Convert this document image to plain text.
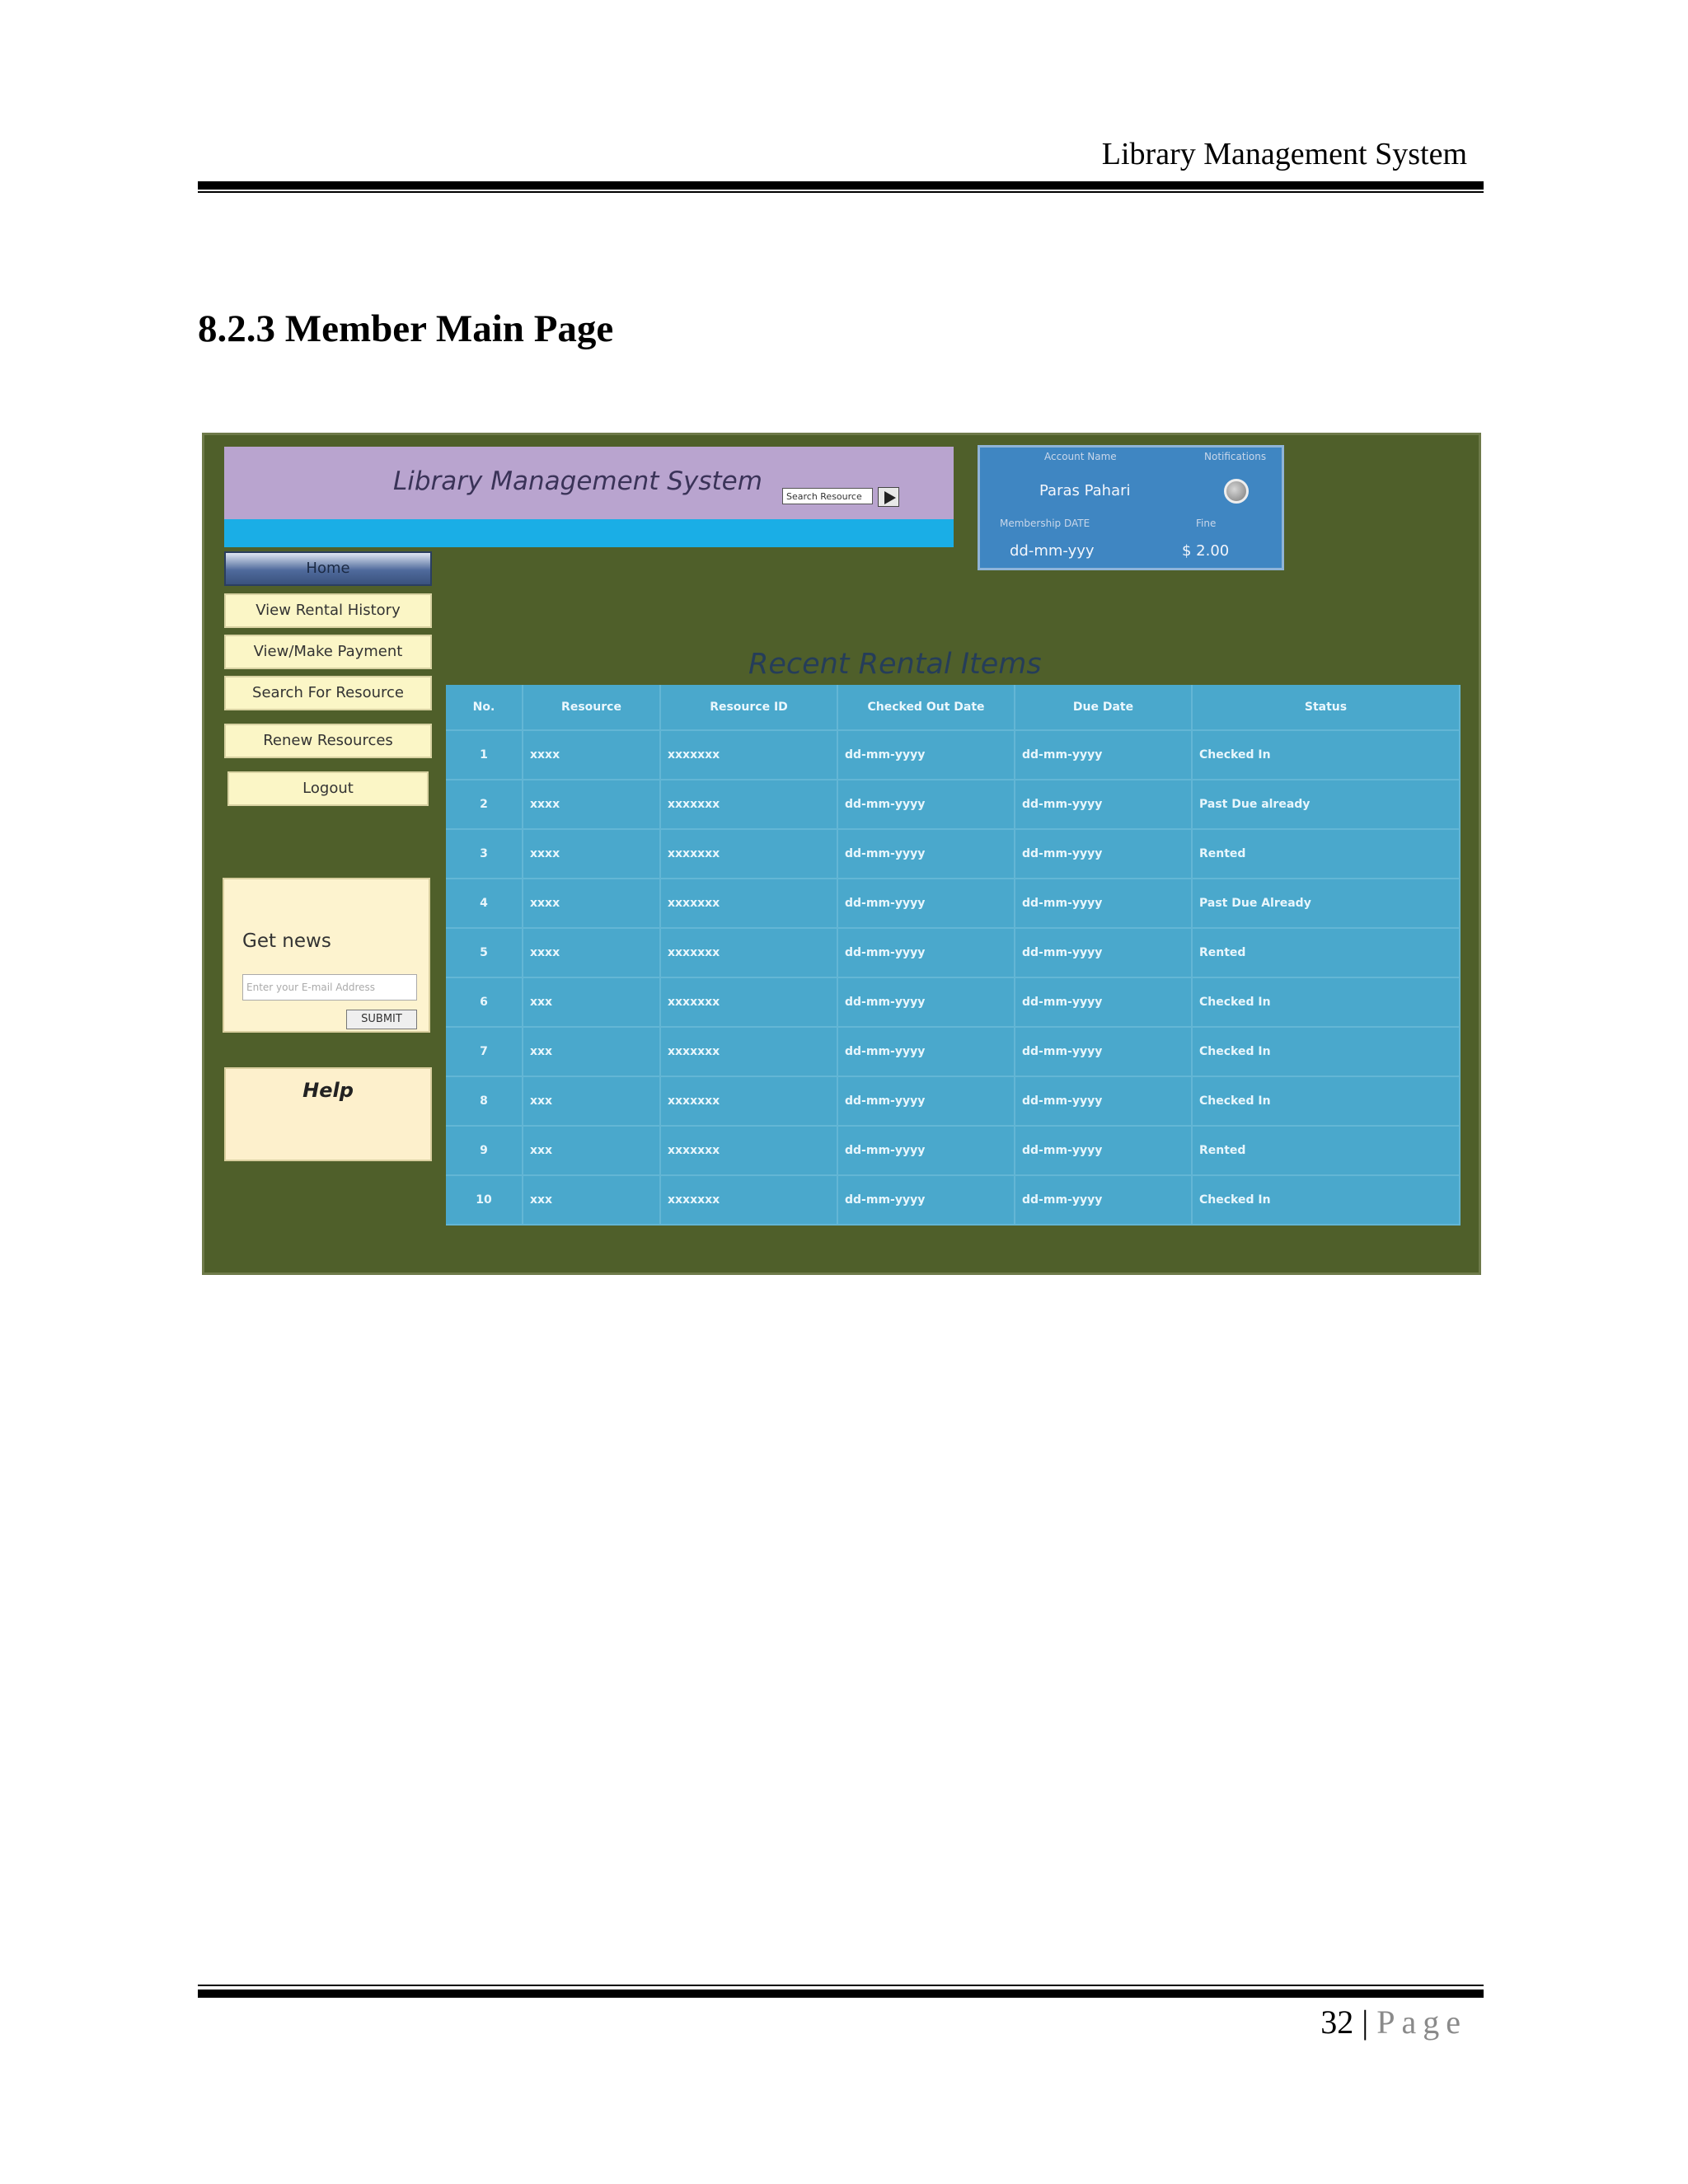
Library Management System
8.2.3 Member Main Page
Library Management System
Search Resource
Account Name	Notifications
Paras Pahari
Membership DATE	Fine
dd-mm-yyy	$ 2.00
Home
View Rental History
View/Make Payment
Search For Resource
Renew Resources
Logout
Get news
Enter your E-mail Address
SUBMIT
Help
Recent Rental Items
No.	Resource	Resource ID	Checked Out Date	Due Date	Status
1	xxxx	xxxxxxx	dd-mm-yyyy	dd-mm-yyyy	Checked In
2	xxxx	xxxxxxx	dd-mm-yyyy	dd-mm-yyyy	Past Due already
3	xxxx	xxxxxxx	dd-mm-yyyy	dd-mm-yyyy	Rented
4	xxxx	xxxxxxx	dd-mm-yyyy	dd-mm-yyyy	Past Due Already
5	xxxx	xxxxxxx	dd-mm-yyyy	dd-mm-yyyy	Rented
6	xxx	xxxxxxx	dd-mm-yyyy	dd-mm-yyyy	Checked In
7	xxx	xxxxxxx	dd-mm-yyyy	dd-mm-yyyy	Checked In
8	xxx	xxxxxxx	dd-mm-yyyy	dd-mm-yyyy	Checked In
9	xxx	xxxxxxx	dd-mm-yyyy	dd-mm-yyyy	Rented
10	xxx	xxxxxxx	dd-mm-yyyy	dd-mm-yyyy	Checked In
32 | Page
